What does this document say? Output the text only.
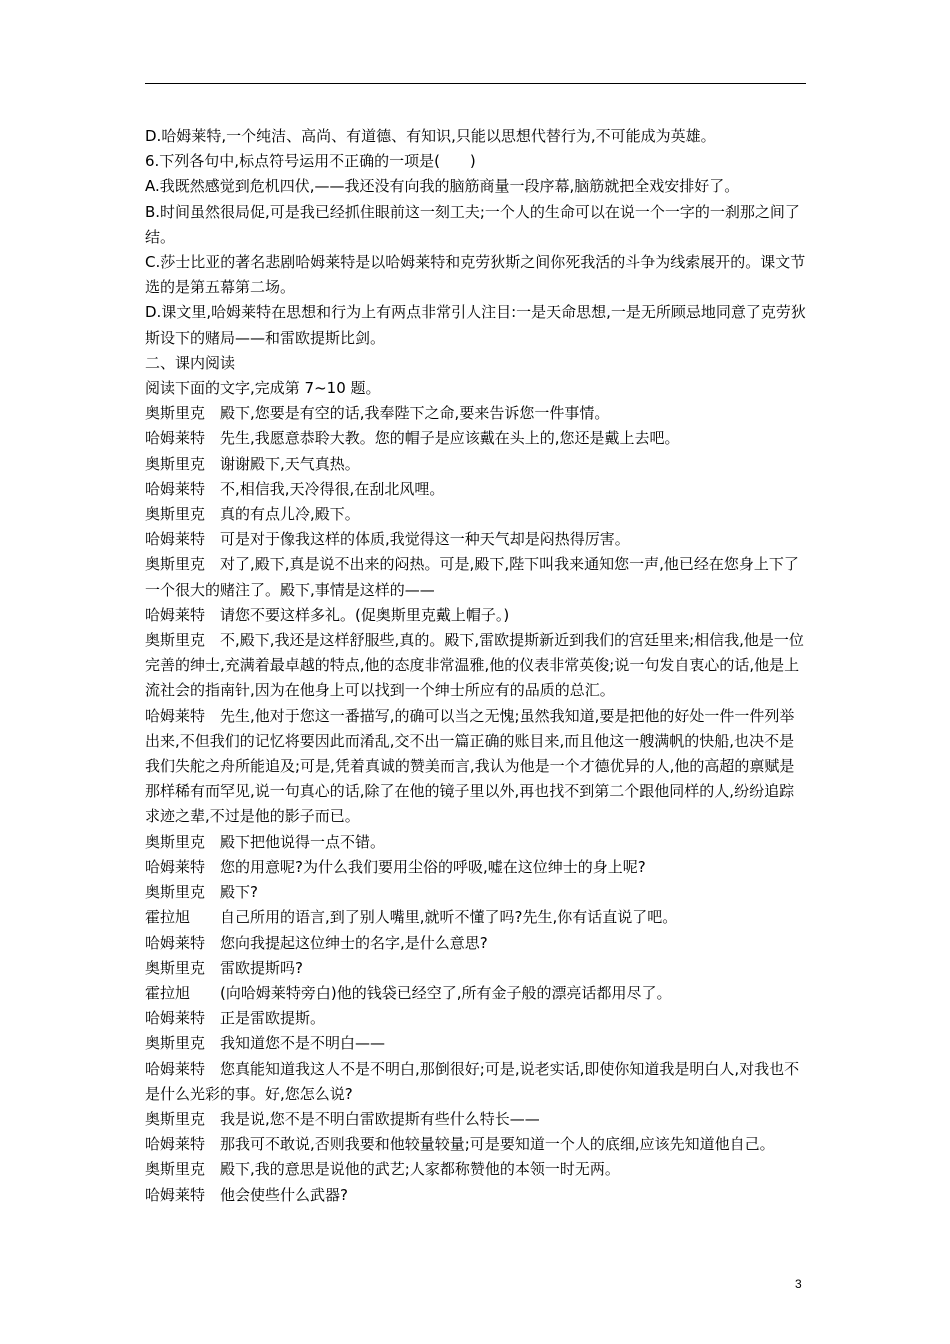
D.哈姆莱特,一个纯洁、高尚、有道德、有知识,只能以思想代替行为,不可能成为英雄。

6.下列各句中,标点符号运用不正确的一项是(　　)

A.我既然感觉到危机四伏,——我还没有向我的脑筋商量一段序幕,脑筋就把全戏安排好了。

B.时间虽然很局促,可是我已经抓住眼前这一刻工夫;一个人的生命可以在说一个一字的一刹那之间了结。

C.莎士比亚的著名悲剧哈姆莱特是以哈姆莱特和克劳狄斯之间你死我活的斗争为线索展开的。课文节选的是第五幕第二场。

D.课文里,哈姆莱特在思想和行为上有两点非常引人注目:一是天命思想,一是无所顾忌地同意了克劳狄斯设下的赌局——和雷欧提斯比剑。

二、课内阅读

阅读下面的文字,完成第 7~10 题。

奥斯里克　 殿下,您要是有空的话,我奉陛下之命,要来告诉您一件事情。
哈姆莱特　 先生,我愿意恭聆大教。您的帽子是应该戴在头上的,您还是戴上去吧。
奥斯里克　 谢谢殿下,天气真热。
哈姆莱特　 不,相信我,天冷得很,在刮北风哩。
奥斯里克　 真的有点儿冷,殿下。
哈姆莱特　 可是对于像我这样的体质,我觉得这一种天气却是闷热得厉害。

奥斯里克　对了,殿下,真是说不出来的闷热。可是,殿下,陛下叫我来通知您一声,他已经在您身上下了一个很大的赌注了。殿下,事情是这样的——

哈姆莱特　 请您不要这样多礼。(促奥斯里克戴上帽子。)

奥斯里克　不,殿下,我还是这样舒服些,真的。殿下,雷欧提斯新近到我们的宫廷里来;相信我,他是一位完善的绅士,充满着最卓越的特点,他的态度非常温雅,他的仪表非常英俊;说一句发自衷心的话,他是上流社会的指南针,因为在他身上可以找到一个绅士所应有的品质的总汇。

哈姆莱特　先生,他对于您这一番描写,的确可以当之无愧;虽然我知道,要是把他的好处一件一件列举出来,不但我们的记忆将要因此而淆乱,交不出一篇正确的账目来,而且他这一艘满帆的快船,也决不是我们失舵之舟所能追及;可是,凭着真诚的赞美而言,我认为他是一个才德优异的人,他的高超的禀赋是那样稀有而罕见,说一句真心的话,除了在他的镜子里以外,再也找不到第二个跟他同样的人,纷纷追踪求迹之辈,不过是他的影子而已。

奥斯里克　 殿下把他说得一点不错。
哈姆莱特　 您的用意呢?为什么我们要用尘俗的呼吸,嘘在这位绅士的身上呢?
奥斯里克　 殿下?
霍拉旭　　 自己所用的语言,到了别人嘴里,就听不懂了吗?先生,你有话直说了吧。
哈姆莱特　 您向我提起这位绅士的名字,是什么意思?
奥斯里克　 雷欧提斯吗?
霍拉旭　　 (向哈姆莱特旁白)他的钱袋已经空了,所有金子般的漂亮话都用尽了。
哈姆莱特　 正是雷欧提斯。
奥斯里克　 我知道您不是不明白——

哈姆莱特　您真能知道我这人不是不明白,那倒很好;可是,说老实话,即使你知道我是明白人,对我也不是什么光彩的事。好,您怎么说?

奥斯里克　 我是说,您不是不明白雷欧提斯有些什么特长——

哈姆莱特　那我可不敢说,否则我要和他较量较量;可是要知道一个人的底细,应该先知道他自己。

奥斯里克　 殿下,我的意思是说他的武艺;人家都称赞他的本领一时无两。
哈姆莱特　 他会使些什么武器?
3
